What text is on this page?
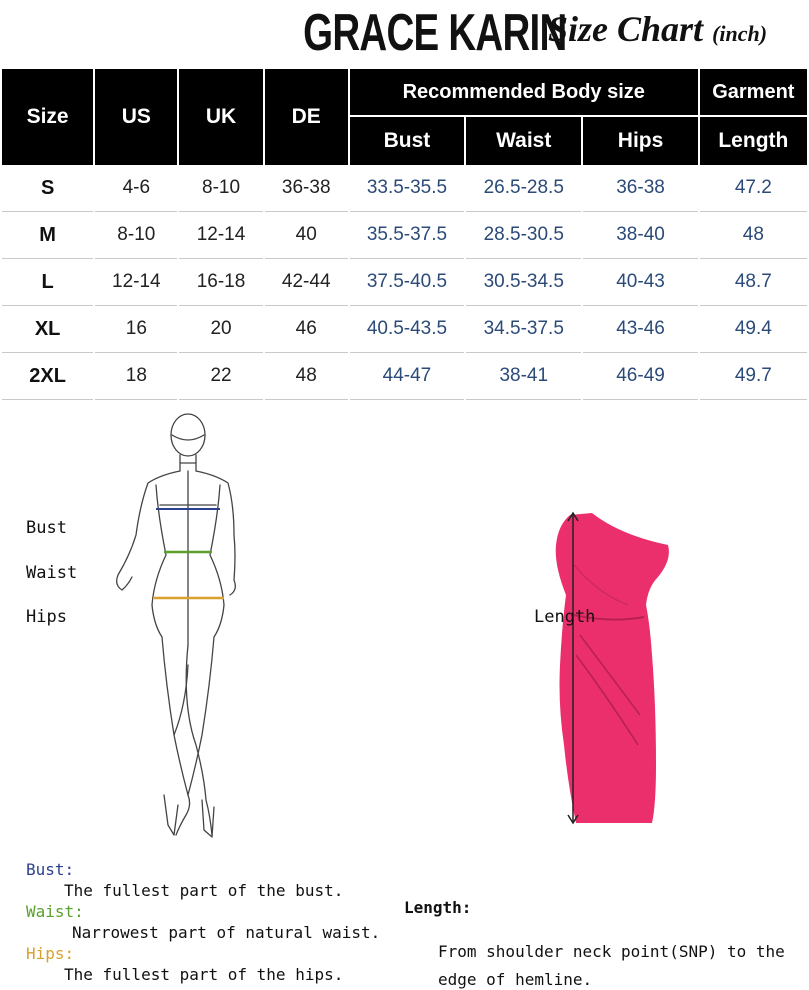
GRACE KARIN
Size Chart (inch)
Size	US	UK	DE	Recommended Body size			Garment
				Bust	Waist	Hips	Length
S	4-6	8-10	36-38	33.5-35.5	26.5-28.5	36-38	47.2
M	8-10	12-14	40	35.5-37.5	28.5-30.5	38-40	48
L	12-14	16-18	42-44	37.5-40.5	30.5-34.5	40-43	48.7
XL	16	20	46	40.5-43.5	34.5-37.5	43-46	49.4
2XL	18	22	48	44-47	38-41	46-49	49.7
Bust
Waist
Hips	Length
Bust:
The fullest part of the bust.
Waist:
Narrowest part of natural waist.
Hips:
The fullest part of the hips.
Length:
From shoulder neck point(SNP) to the
edge of hemline.
